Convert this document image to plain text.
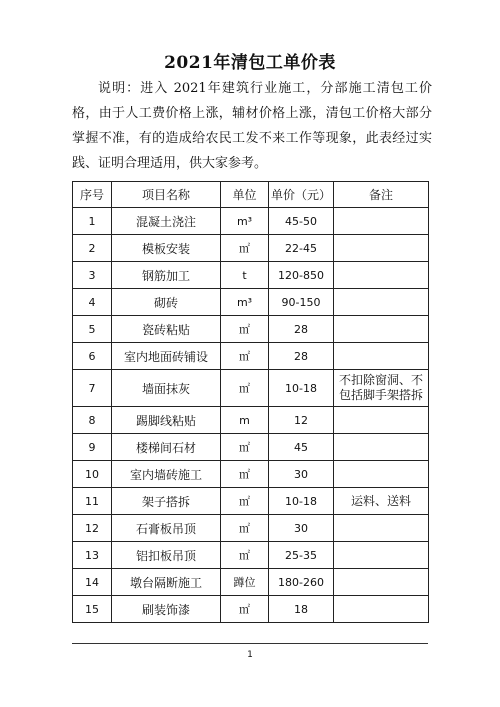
2021年清包工单价表

说明：进入 2021年建筑行业施工，分部施工清包工价格，由于人工费价格上涨，辅材价格上涨，清包工价格大部分掌握不准，有的造成给农民工发不来工作等现象，此表经过实践、证明合理适用，供大家参考。

序号	项目名称	单位	单价（元）	备注
1	混凝土浇注	m³	45-50	
2	模板安装	㎡	22-45	
3	钢筋加工	t	120-850	
4	砌砖	m³	90-150	
5	瓷砖粘贴	㎡	28	
6	室内地面砖铺设	㎡	28	
7	墙面抹灰	㎡	10-18	不扣除窗洞、不包括脚手架搭拆
8	踢脚线粘贴	m	12	
9	楼梯间石材	㎡	45	
10	室内墙砖施工	㎡	30	
11	架子搭拆	㎡	10-18	运料、送料
12	石膏板吊顶	㎡	30	
13	铝扣板吊顶	㎡	25-35	
14	墩台隔断施工	蹲位	180-260	
15	刷装饰漆	㎡	18	
1
